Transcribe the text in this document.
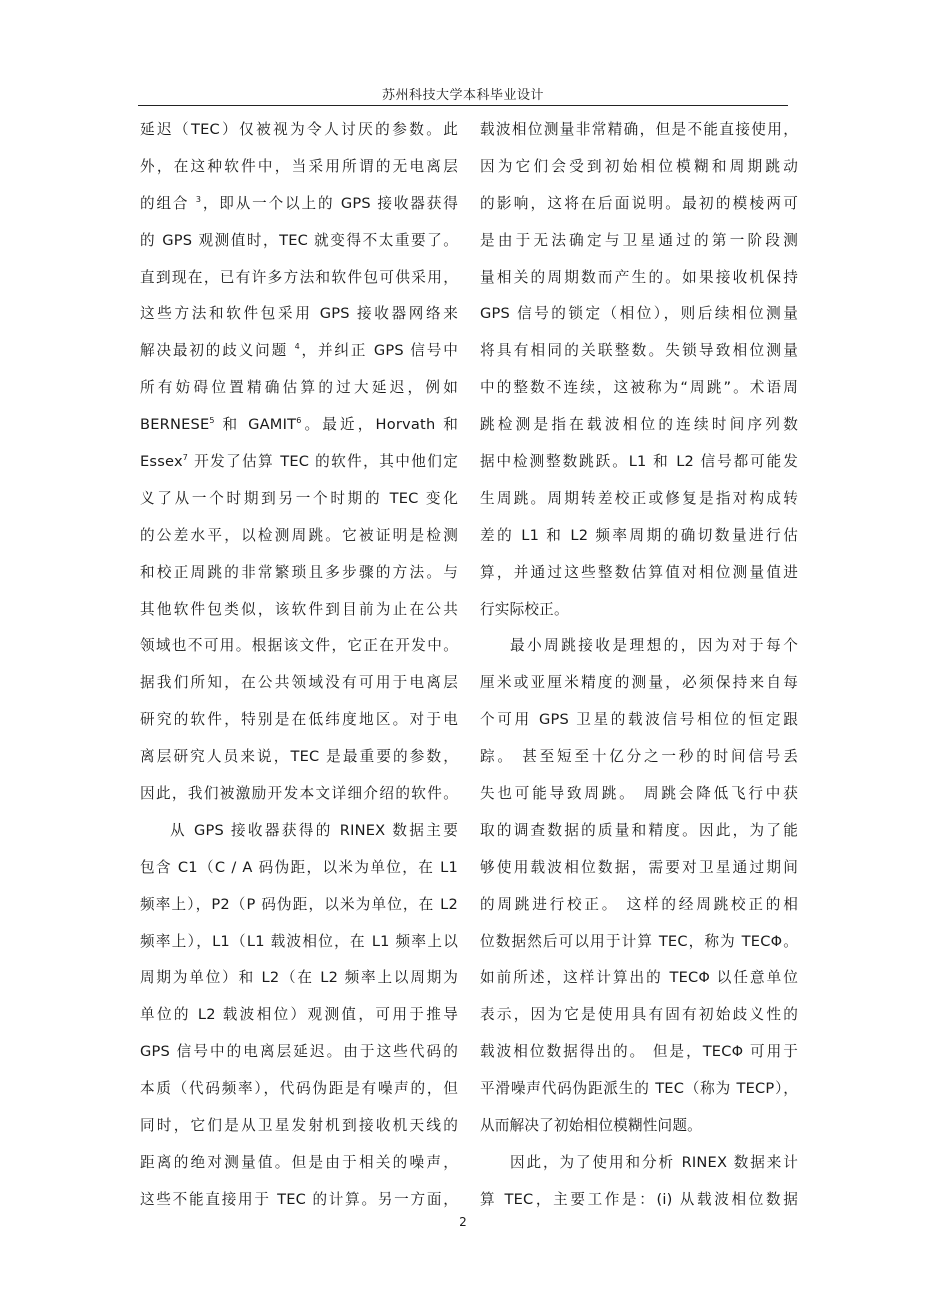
苏州科技大学本科毕业设计
延迟（TEC）仅被视为令人讨厌的参数。此
外，在这种软件中，当采用所谓的无电离层
的组合 $^3$，即从一个以上的 GPS 接收器获得
的 GPS 观测值时，TEC 就变得不太重要了。
直到现在，已有许多方法和软件包可供采用，
这些方法和软件包采用 GPS 接收器网络来
解决最初的歧义问题 $^4$，并纠正 GPS 信号中
所有妨碍位置精确估算的过大延迟，例如
BERNESE$^5$ 和 GAMIT$^6$。最近，Horvath 和
Essex$^7$ 开发了估算 TEC 的软件，其中他们定
义了从一个时期到另一个时期的 TEC 变化
的公差水平，以检测周跳。它被证明是检测
和校正周跳的非常繁琐且多步骤的方法。与
其他软件包类似，该软件到目前为止在公共
领域也不可用。根据该文件，它正在开发中。
据我们所知，在公共领域没有可用于电离层
研究的软件，特别是在低纬度地区。对于电
离层研究人员来说，TEC 是最重要的参数，
因此，我们被激励开发本文详细介绍的软件。
从 GPS 接收器获得的 RINEX 数据主要
包含 C1（C / A 码伪距，以米为单位，在 L1
频率上），P2（P 码伪距，以米为单位，在 L2
频率上），L1（L1 载波相位，在 L1 频率上以
周期为单位）和 L2（在 L2 频率上以周期为
单位的 L2 载波相位）观测值，可用于推导
GPS 信号中的电离层延迟。由于这些代码的
本质（代码频率），代码伪距是有噪声的，但
同时，它们是从卫星发射机到接收机天线的
距离的绝对测量值。但是由于相关的噪声，
这些不能直接用于 TEC 的计算。另一方面，
载波相位测量非常精确，但是不能直接使用，
因为它们会受到初始相位模糊和周期跳动
的影响，这将在后面说明。最初的模棱两可
是由于无法确定与卫星通过的第一阶段测
量相关的周期数而产生的。如果接收机保持
GPS 信号的锁定（相位），则后续相位测量
将具有相同的关联整数。失锁导致相位测量
中的整数不连续，这被称为“周跳”。术语周
跳检测是指在载波相位的连续时间序列数
据中检测整数跳跃。L1 和 L2 信号都可能发
生周跳。周期转差校正或修复是指对构成转
差的 L1 和 L2 频率周期的确切数量进行估
算，并通过这些整数估算值对相位测量值进
行实际校正。
最小周跳接收是理想的，因为对于每个
厘米或亚厘米精度的测量，必须保持来自每
个可用 GPS 卫星的载波信号相位的恒定跟
踪。 甚至短至十亿分之一秒的时间信号丢
失也可能导致周跳。 周跳会降低飞行中获
取的调查数据的质量和精度。因此，为了能
够使用载波相位数据，需要对卫星通过期间
的周跳进行校正。 这样的经周跳校正的相
位数据然后可以用于计算 TEC，称为 TECΦ。
如前所述，这样计算出的 TECΦ 以任意单位
表示，因为它是使用具有固有初始歧义性的
载波相位数据得出的。 但是，TECΦ 可用于
平滑噪声代码伪距派生的 TEC（称为 TECP），
从而解决了初始相位模糊性问题。
因此，为了使用和分析 RINEX 数据来计
算 TEC，主要工作是：(i) 从载波相位数据
2
